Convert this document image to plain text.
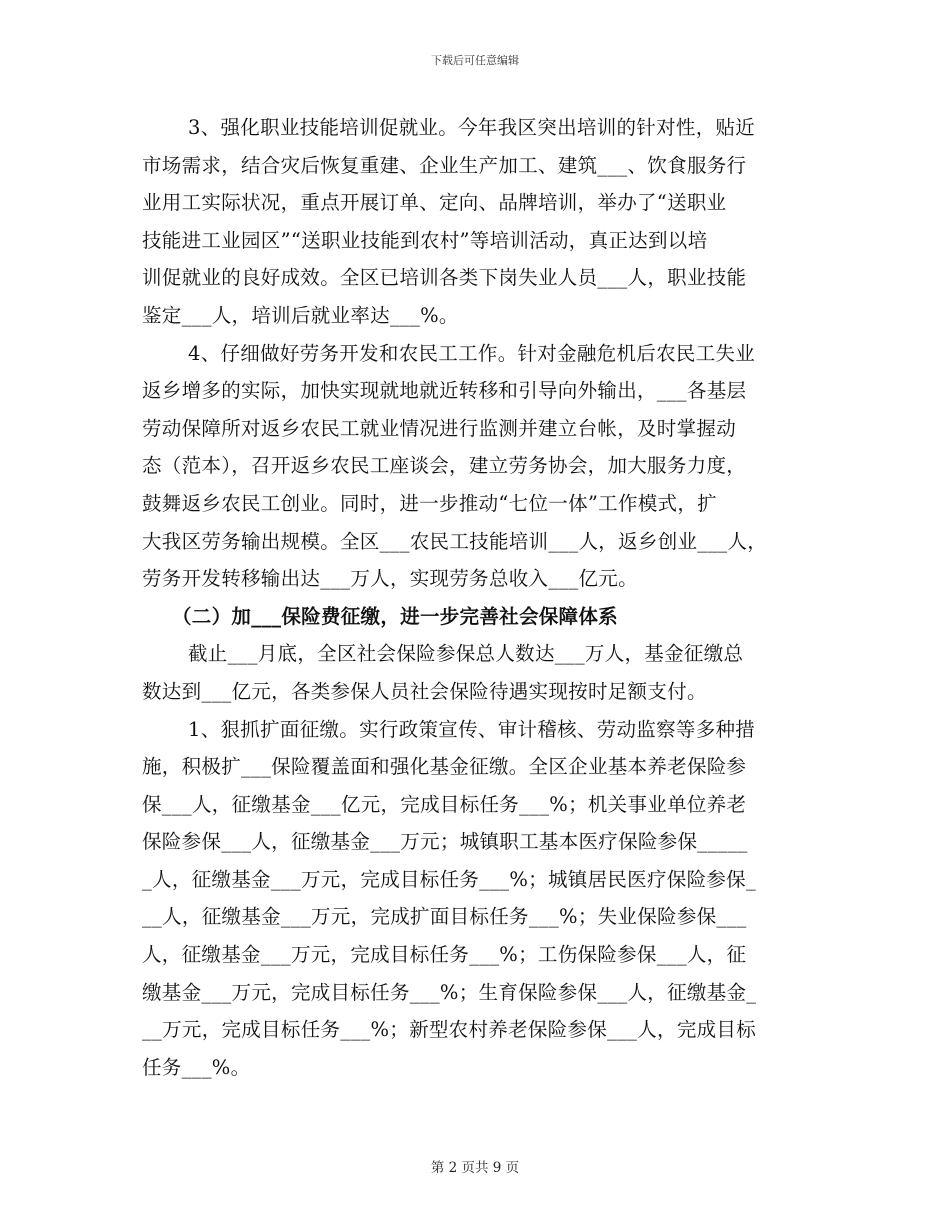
下载后可任意编辑
3、强化职业技能培训促就业。今年我区突出培训的针对性，贴近
市场需求，结合灾后恢复重建、企业生产加工、建筑___、饮食服务行
业用工实际状况，重点开展订单、定向、品牌培训，举办了“送职业
技能进工业园区”“送职业技能到农村”等培训活动，真正达到以培
训促就业的良好成效。全区已培训各类下岗失业人员___人，职业技能
鉴定___人，培训后就业率达___%。
4、仔细做好劳务开发和农民工工作。针对金融危机后农民工失业
返乡增多的实际，加快实现就地就近转移和引导向外输出，___各基层
劳动保障所对返乡农民工就业情况进行监测并建立台帐，及时掌握动
态（范本），召开返乡农民工座谈会，建立劳务协会，加大服务力度，
鼓舞返乡农民工创业。同时，进一步推动“七位一体”工作模式，扩
大我区劳务输出规模。全区___农民工技能培训___人，返乡创业___人，
劳务开发转移输出达___万人，实现劳务总收入___亿元。
（二）加___保险费征缴，进一步完善社会保障体系
截止___月底，全区社会保险参保总人数达___万人，基金征缴总
数达到___亿元，各类参保人员社会保险待遇实现按时足额支付。
1、狠抓扩面征缴。实行政策宣传、审计稽核、劳动监察等多种措
施，积极扩___保险覆盖面和强化基金征缴。全区企业基本养老保险参
保___人，征缴基金___亿元，完成目标任务___%；机关事业单位养老
保险参保___人，征缴基金___万元；城镇职工基本医疗保险参保_____
_人，征缴基金___万元，完成目标任务___%；城镇居民医疗保险参保_
__人，征缴基金___万元，完成扩面目标任务___%；失业保险参保___
人，征缴基金___万元，完成目标任务___%；工伤保险参保___人，征
缴基金___万元，完成目标任务___%；生育保险参保___人，征缴基金_
__万元，完成目标任务___%；新型农村养老保险参保___人，完成目标
任务___%。
第 2 页共 9 页
